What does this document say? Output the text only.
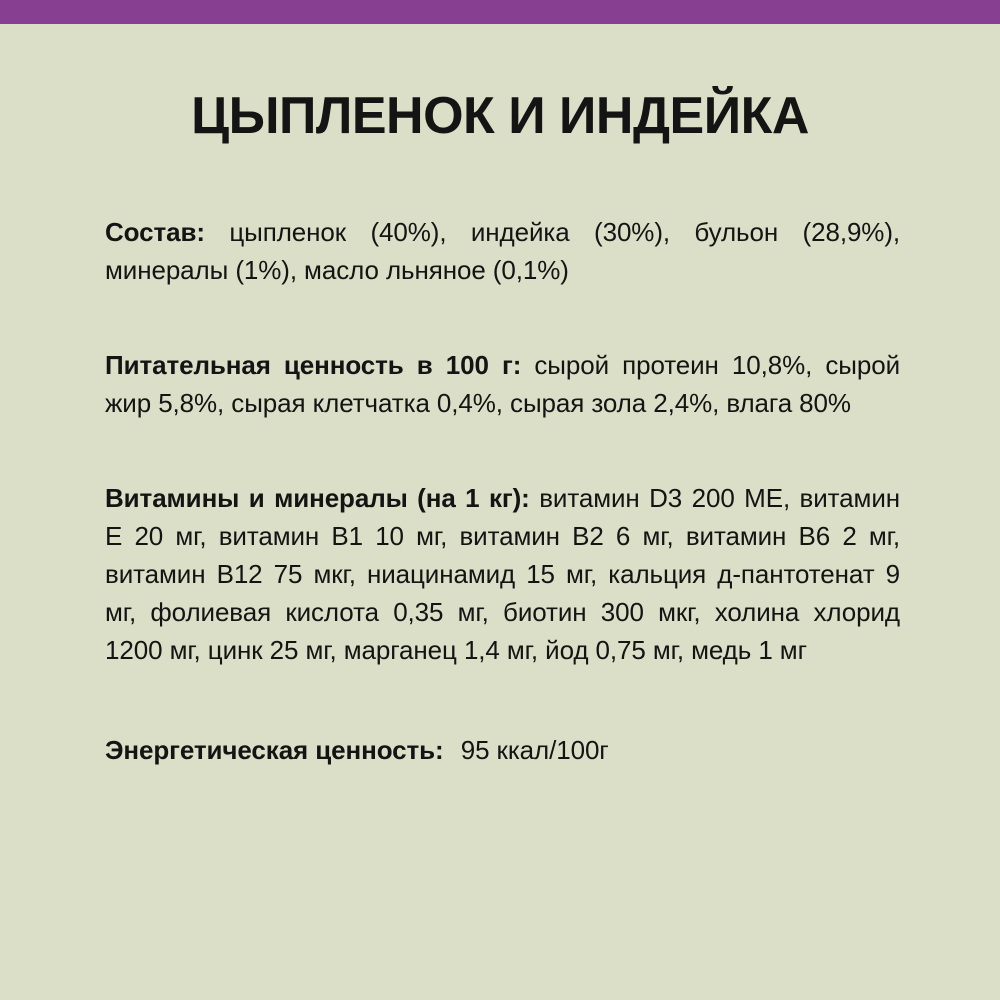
ЦЫПЛЕНОК И ИНДЕЙКА

Состав: цыпленок (40%), индейка (30%), бульон (28,9%), минералы (1%), масло льняное (0,1%)

Питательная ценность в 100 г: сырой протеин 10,8%, сырой жир 5,8%, сырая клетчатка 0,4%, сырая зола 2,4%, влага 80%

Витамины и минералы (на 1 кг): витамин D3 200 МЕ, витамин Е 20 мг, витамин В1 10 мг, витамин В2 6 мг, витамин В6 2 мг, витамин В12 75 мкг, ниацинамид 15 мг, кальция д-пантотенат 9 мг, фолиевая кислота 0,35 мг, биотин 300 мкг, холина хлорид 1200 мг, цинк 25 мг, марганец 1,4 мг, йод 0,75 мг, медь 1 мг

Энергетическая ценность: 95 ккал/100г
